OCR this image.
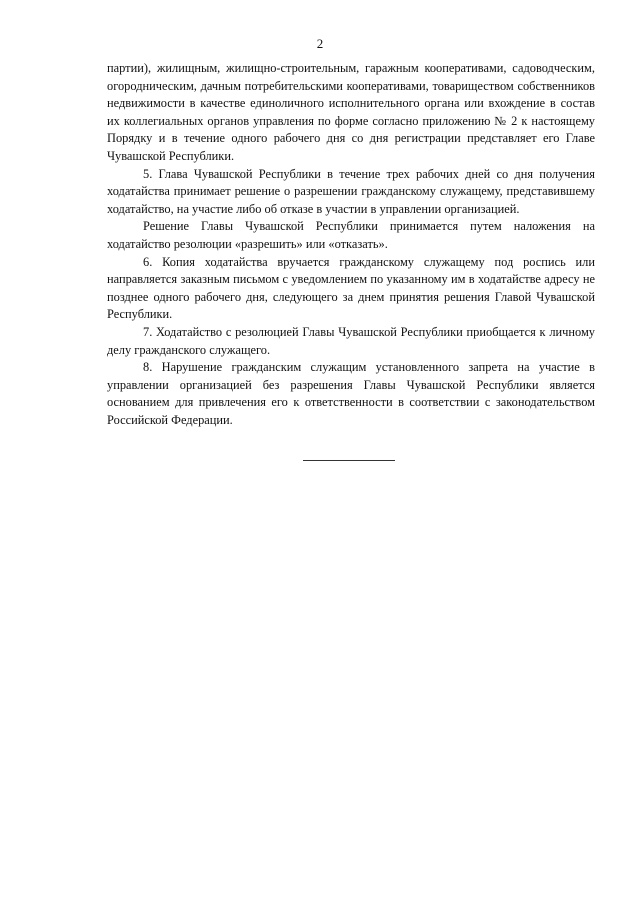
2

партии), жилищным, жилищно-строительным, гаражным кооперативами, садоводческим, огородническим, дачным потребительскими кооперативами, товариществом собственников недвижимости в качестве единоличного исполнительного органа или вхождение в состав их коллегиальных органов управления по форме согласно приложению № 2 к настоящему Порядку и в течение одного рабочего дня со дня регистрации представляет его Главе Чувашской Республики.

5. Глава Чувашской Республики в течение трех рабочих дней со дня получения ходатайства принимает решение о разрешении гражданскому служащему, представившему ходатайство, на участие либо об отказе в участии в управлении организацией.

Решение Главы Чувашской Республики принимается путем наложения на ходатайство резолюции «разрешить» или «отказать».

6. Копия ходатайства вручается гражданскому служащему под роспись или направляется заказным письмом с уведомлением по указанному им в ходатайстве адресу не позднее одного рабочего дня, следующего за днем принятия решения Главой Чувашской Республики.

7. Ходатайство с резолюцией Главы Чувашской Республики приобщается к личному делу гражданского служащего.

8. Нарушение гражданским служащим установленного запрета на участие в управлении организацией без разрешения Главы Чувашской Республики является основанием для привлечения его к ответственности в соответствии с законодательством Российской Федерации.
